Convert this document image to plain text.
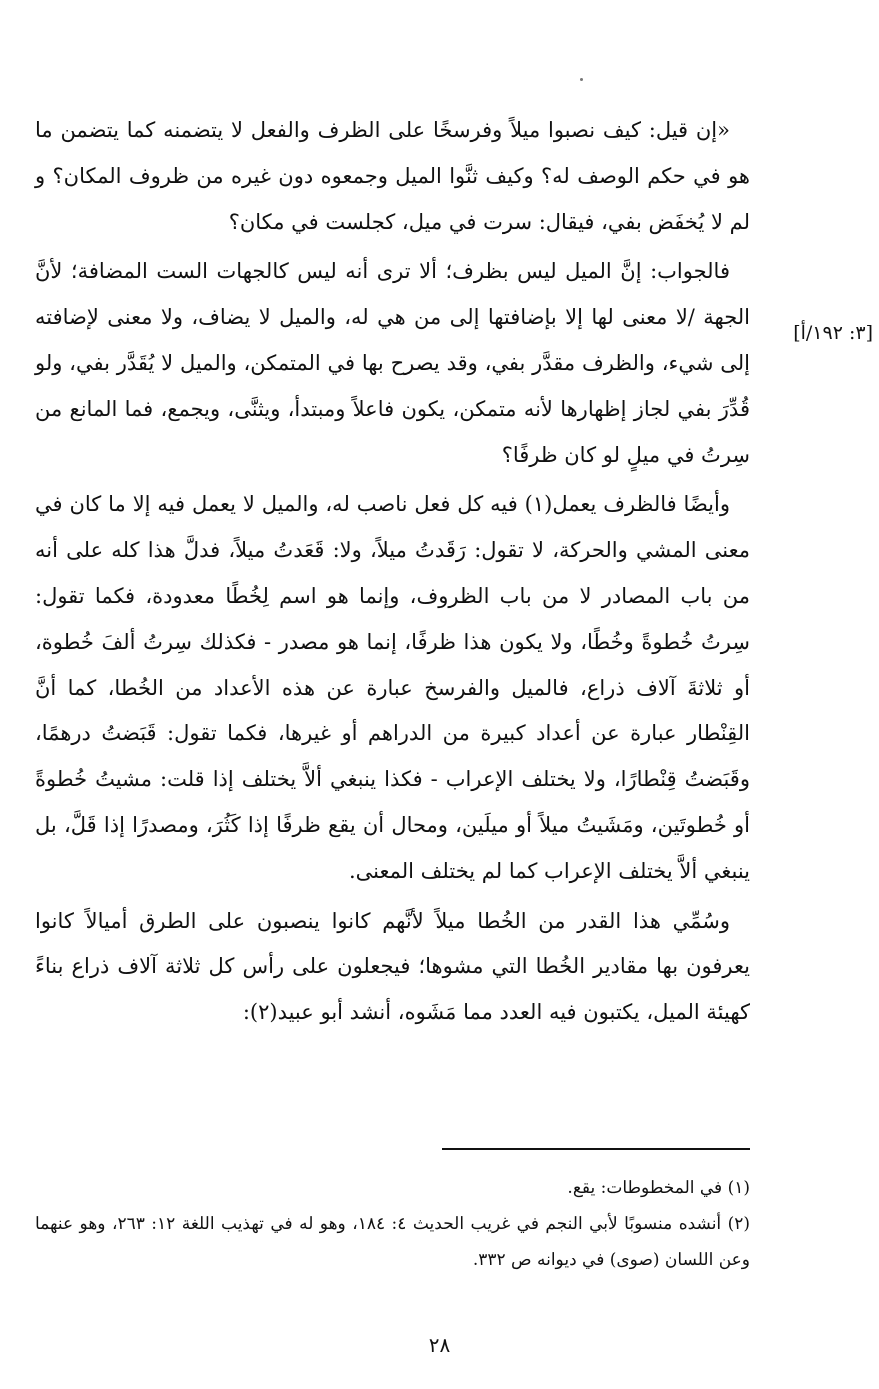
[٣: ١٩٢/أ]

«إن قيل: كيف نصبوا ميلاً وفرسخًا على الظرف والفعل لا يتضمنه كما يتضمن ما هو في حكم الوصف له؟ وكيف ثنَّوا الميل وجمعوه دون غيره من ظروف المكان؟ و لم لا يُخفَض بفي، فيقال: سرت في ميل، كجلست في مكان؟

فالجواب: إنَّ الميل ليس بظرف؛ ألا ترى أنه ليس كالجهات الست المضافة؛ لأنَّ الجهة /لا معنى لها إلا بإضافتها إلى من هي له، والميل لا يضاف، ولا معنى لإضافته إلى شيء، والظرف مقدَّر بفي، وقد يصرح بها في المتمكن، والميل لا يُقَدَّر بفي، ولو قُدِّرَ بفي لجاز إظهارها لأنه متمكن، يكون فاعلاً ومبتدأ، ويثنَّى، ويجمع، فما المانع من سِرتُ في ميلٍ لو كان ظرفًا؟

وأيضًا فالظرف يعمل(١) فيه كل فعل ناصب له، والميل لا يعمل فيه إلا ما كان في معنى المشي والحركة، لا تقول: رَقَدتُ ميلاً، ولا: قَعَدتُ ميلاً، فدلَّ هذا كله على أنه من باب المصادر لا من باب الظروف، وإنما هو اسم لِخُطًا معدودة، فكما تقول: سِرتُ خُطوةً وخُطًا، ولا يكون هذا ظرفًا، إنما هو مصدر - فكذلك سِرتُ ألفَ خُطوة، أو ثلاثةَ آلاف ذراع، فالميل والفرسخ عبارة عن هذه الأعداد من الخُطا، كما أنَّ القِنْطار عبارة عن أعداد كبيرة من الدراهم أو غيرها، فكما تقول: قَبَضتُ درهمًا، وقَبَضتُ قِنْطارًا، ولا يختلف الإعراب - فكذا ينبغي ألاَّ يختلف إذا قلت: مشيتُ خُطوةً أو خُطوتَين، ومَشَيتُ ميلاً أو ميلَين، ومحال أن يقع ظرفًا إذا كَثُرَ، ومصدرًا إذا قَلَّ، بل ينبغي ألاَّ يختلف الإعراب كما لم يختلف المعنى.

وسُمِّي هذا القدر من الخُطا ميلاً لأنَّهم كانوا ينصبون على الطرق أميالاً كانوا يعرفون بها مقادير الخُطا التي مشوها؛ فيجعلون على رأس كل ثلاثة آلاف ذراع بناءً كهيئة الميل، يكتبون فيه العدد مما مَشَوه، أنشد أبو عبيد(٢):

(١) في المخطوطات: يقع.

(٢) أنشده منسوبًا لأبي النجم في غريب الحديث ٤: ١٨٤، وهو له في تهذيب اللغة ١٢: ٢٦٣، وهو عنهما وعن اللسان (صوى) في ديوانه ص ٣٣٢.

٢٨
